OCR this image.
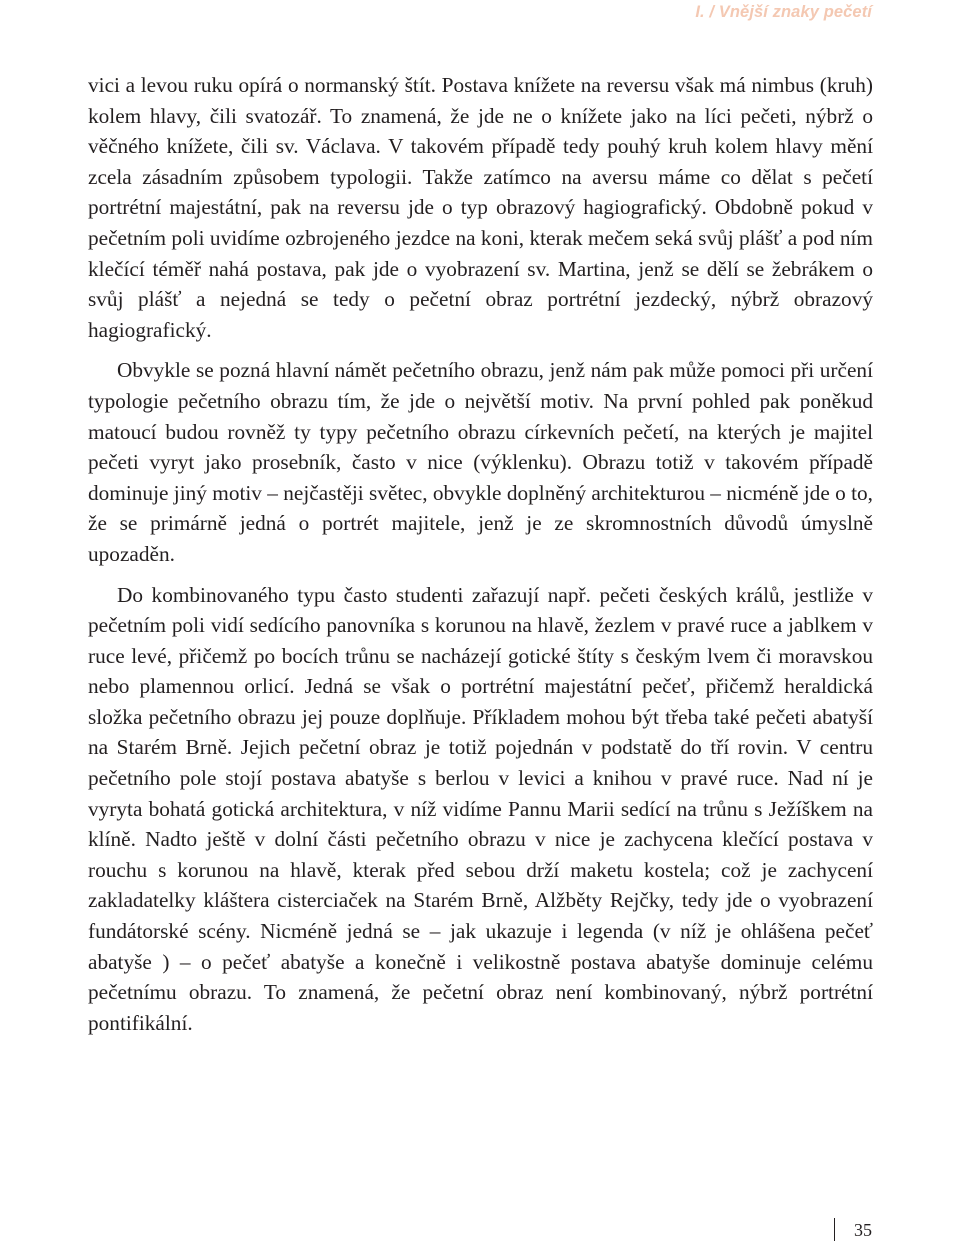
I. / Vnější znaky pečetí

vici a levou ruku opírá o normanský štít. Postava knížete na reversu však má nimbus (kruh) kolem hlavy, čili svatozář. To znamená, že jde ne o knížete jako na líci pečeti, nýbrž o věčného knížete, čili sv. Václava. V takovém případě tedy pouhý kruh kolem hlavy mění zcela zásadním způsobem typologii. Takže zatímco na aversu máme co dělat s pečetí portrétní majestátní, pak na reversu jde o typ obrazový hagiografický. Obdobně pokud v pečetním poli uvidíme ozbrojeného jezdce na koni, kterak mečem seká svůj plášť a pod ním klečící téměř nahá postava, pak jde o vyobrazení sv. Martina, jenž se dělí se žebrákem o svůj plášť a nejedná se tedy o pečetní obraz portrétní jezdecký, nýbrž obrazový hagiografický.

Obvykle se pozná hlavní námět pečetního obrazu, jenž nám pak může pomoci při určení typologie pečetního obrazu tím, že jde o největší motiv. Na první pohled pak poněkud matoucí budou rovněž ty typy pečetního obrazu církevních pečetí, na kterých je majitel pečeti vyryt jako prosebník, často v nice (výklenku). Obrazu totiž v takovém případě dominuje jiný motiv – nejčastěji světec, obvykle doplněný architekturou – nicméně jde o to, že se primárně jedná o portrét majitele, jenž je ze skromnostních důvodů úmyslně upozaděn.

Do kombinovaného typu často studenti zařazují např. pečeti českých králů, jestliže v pečetním poli vidí sedícího panovníka s korunou na hlavě, žezlem v pravé ruce a jablkem v ruce levé, přičemž po bocích trůnu se nacházejí gotické štíty s českým lvem či moravskou nebo plamennou orlicí. Jedná se však o portrétní majestátní pečeť, přičemž heraldická složka pečetního obrazu jej pouze doplňuje. Příkladem mohou být třeba také pečeti abatyší na Starém Brně. Jejich pečetní obraz je totiž pojednán v podstatě do tří rovin. V centru pečetního pole stojí postava abatyše s berlou v levici a knihou v pravé ruce. Nad ní je vyryta bohatá gotická architektura, v níž vidíme Pannu Marii sedící na trůnu s Ježíškem na klíně. Nadto ještě v dolní části pečetního obrazu v nice je zachycena klečící postava v rouchu s korunou na hlavě, kterak před sebou drží maketu kostela; což je zachycení zakladatelky kláštera cisterciaček na Starém Brně, Alžběty Rejčky, tedy jde o vyobrazení fundátorské scény. Nicméně jedná se – jak ukazuje i legenda (v níž je ohlášena pečeť abatyše ) – o pečeť abatyše a konečně i velikostně postava abatyše dominuje celému pečetnímu obrazu. To znamená, že pečetní obraz není kombinovaný, nýbrž portrétní pontifikální.

35
